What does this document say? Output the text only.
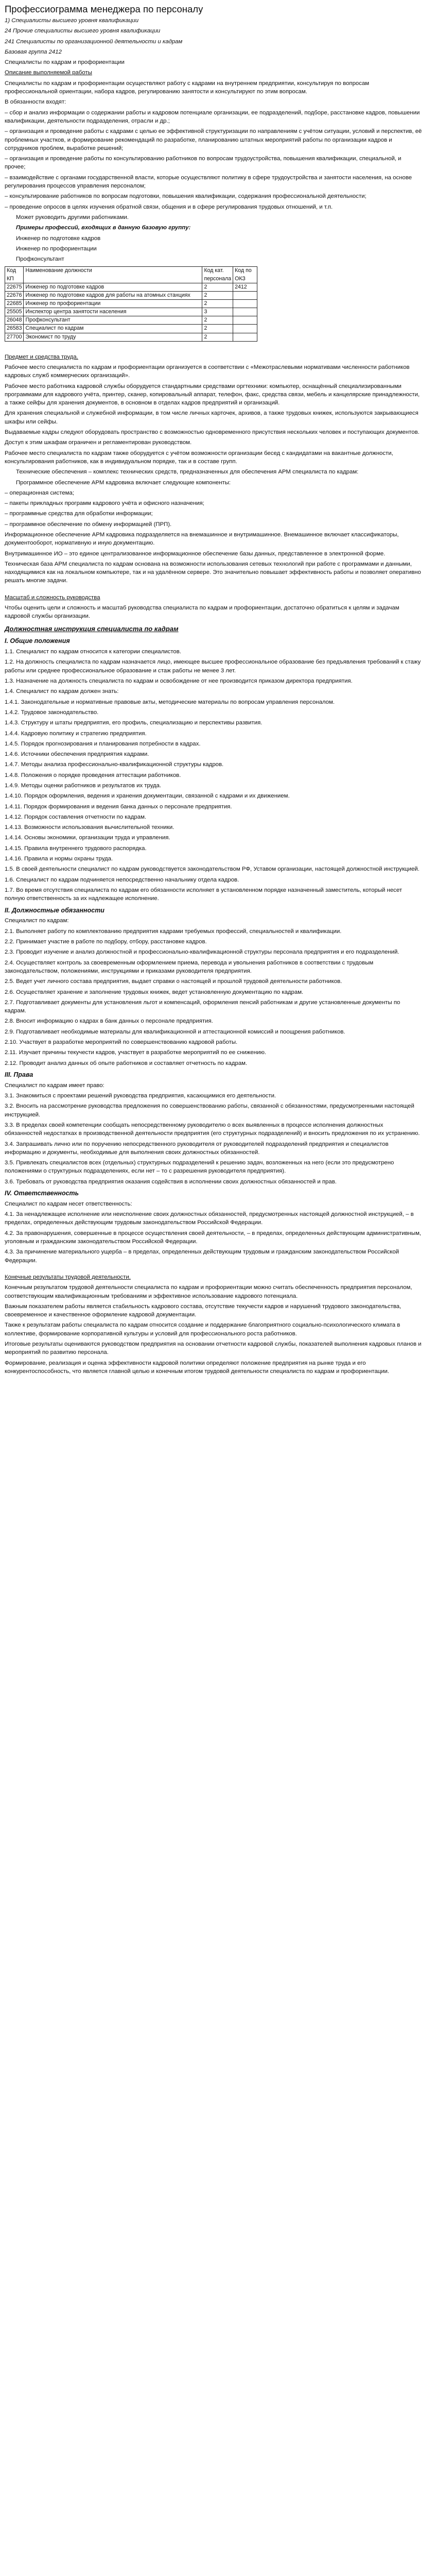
Профессиограмма менеджера по персоналу

1) Специалисты высшего уровня квалификации

24 Прочие специалисты высшего уровня квалификации

241 Специалисты по организационной деятельности и кадрам

Базовая группа 2412

Специалисты по кадрам и профориентации

Описание выполняемой работы

Специалисты по кадрам и профориентации осуществляют работу с кадрами на внутреннем предприятии, консультируя по вопросам профессиональной ориентации, набора кадров, регулированию занятости и консультируют по этим вопросам.

В обязанности входят:

– сбор и анализ информации о содержании работы и кадровом потенциале организации, ее подразделений, подборе, расстановке кадров, повышении квалификации, деятельности подразделения, отрасли и др.;

– организация и проведение работы с кадрами с целью ее эффективной структуризации по направлениям с учётом ситуации, условий и перспектив, её проблемных участков, и формирование рекомендаций по разработке, планированию штатных мероприятий работы по организации кадров и сотрудников проблем, выработке решений;

– организация и проведение работы по консультированию работников по вопросам трудоустройства, повышения квалификации, специальной, и прочее;

– взаимодействие с органами государственной власти, которые осуществляют политику в сфере трудоустройства и занятости населения, на основе регулирования процессов управления персоналом;

– консультирование работников по вопросам подготовки, повышения квалификации, содержания профессиональной деятельности;

– проведение опросов в целях изучения обратной связи, общения и в сфере регулирования трудовых отношений, и т.п.

Может руководить другими работниками.

Примеры профессий, входящих в данную базовую группу:

Инженер по подготовке кадров

Инженер по профориентации

Профконсультант

Код КП	Наименование должности	Код кат. персонала	Код по ОКЗ
22675	Инженер по подготовке кадров	2	2412
22676	Инженер по подготовке кадров для работы на атомных станциях	2	
22685	Инженер по профориентации	2	
25505	Инспектор центра занятости населения	3	
26048	Профконсультант	2	
26583	Специалист по кадрам	2	
27700	Экономист по труду	2	

Предмет и средства труда.

Рабочее место специалиста по кадрам и профориентации организуется в соответствии с «Межотраслевыми нормативами численности работников кадровых служб коммерческих организаций».

Рабочее место работника кадровой службы оборудуется стандартными средствами оргтехники: компьютер, оснащённый специализированными программами для кадрового учёта, принтер, сканер, копировальный аппарат, телефон, факс, средства связи, мебель и канцелярские принадлежности, а также сейфы для хранения документов, в основном в отделах кадров предприятий и организаций.

Для хранения специальной и служебной информации, в том числе личных карточек, архивов, а также трудовых книжек, используются закрывающиеся шкафы или сейфы.

Выдаваемые кадры следуют оборудовать пространство с возможностью одновременного присутствия нескольких человек и поступающих документов.

Доступ к этим шкафам ограничен и регламентирован руководством.

Рабочее место специалиста по кадрам также оборудуется с учётом возможности организации бесед с кандидатами на вакантные должности, консультирования работников, как в индивидуальном порядке, так и в составе групп.

Технические обеспечения – комплекс технических средств, предназначенных для обеспечения АРМ специалиста по кадрам:

Программное обеспечение АРМ кадровика включает следующие компоненты:

– операционная система;

– пакеты прикладных программ кадрового учёта и офисного назначения;

– программные средства для обработки информации;

– программное обеспечение по обмену информацией (ПРП).

Информационное обеспечение АРМ кадровика подразделяется на внемашинное и внутримашинное. Внемашинное включает классификаторы, документооборот, нормативную и иную документацию.

Внутримашинное ИО – это единое централизованное информационное обеспечение базы данных, представленное в электронной форме.

Техническая база АРМ специалиста по кадрам основана на возможности использования сетевых технологий при работе с программами и данными, находящимися как на локальном компьютере, так и на удалённом сервере. Это значительно повышает эффективность работы и позволяет оперативно решать многие задачи.

Масштаб и сложность руководства

Чтобы оценить цели и сложность и масштаб руководства специалиста по кадрам и профориентации, достаточно обратиться к целям и задачам кадровой службы организации.

Должностная инструкция специалиста по кадрам

I. Общие положения

1.1. Специалист по кадрам относится к категории специалистов.

1.2. На должность специалиста по кадрам назначается лицо, имеющее высшее профессиональное образование без предъявления требований к стажу работы или среднее профессиональное образование и стаж работы не менее 3 лет.

1.3. Назначение на должность специалиста по кадрам и освобождение от нее производится приказом директора предприятия.

1.4. Специалист по кадрам должен знать:

1.4.1. Законодательные и нормативные правовые акты, методические материалы по вопросам управления персоналом.

1.4.2. Трудовое законодательство.

1.4.3. Структуру и штаты предприятия, его профиль, специализацию и перспективы развития.

1.4.4. Кадровую политику и стратегию предприятия.

1.4.5. Порядок прогнозирования и планирования потребности в кадрах.

1.4.6. Источники обеспечения предприятия кадрами.

1.4.7. Методы анализа профессионально-квалификационной структуры кадров.

1.4.8. Положения о порядке проведения аттестации работников.

1.4.9. Методы оценки работников и результатов их труда.

1.4.10. Порядок оформления, ведения и хранения документации, связанной с кадрами и их движением.

1.4.11. Порядок формирования и ведения банка данных о персонале предприятия.

1.4.12. Порядок составления отчетности по кадрам.

1.4.13. Возможности использования вычислительной техники.

1.4.14. Основы экономики, организации труда и управления.

1.4.15. Правила внутреннего трудового распорядка.

1.4.16. Правила и нормы охраны труда.

1.5. В своей деятельности специалист по кадрам руководствуется законодательством РФ, Уставом организации, настоящей должностной инструкцией.

1.6. Специалист по кадрам подчиняется непосредственно начальнику отдела кадров.

1.7. Во время отсутствия специалиста по кадрам его обязанности исполняет в установленном порядке назначенный заместитель, который несет полную ответственность за их надлежащее исполнение.

II. Должностные обязанности

Специалист по кадрам:

2.1. Выполняет работу по комплектованию предприятия кадрами требуемых профессий, специальностей и квалификации.

2.2. Принимает участие в работе по подбору, отбору, расстановке кадров.

2.3. Проводит изучение и анализ должностной и профессионально-квалификационной структуры персонала предприятия и его подразделений.

2.4. Осуществляет контроль за своевременным оформлением приема, перевода и увольнения работников в соответствии с трудовым законодательством, положениями, инструкциями и приказами руководителя предприятия.

2.5. Ведет учет личного состава предприятия, выдает справки о настоящей и прошлой трудовой деятельности работников.

2.6. Осуществляет хранение и заполнение трудовых книжек, ведет установленную документацию по кадрам.

2.7. Подготавливает документы для установления льгот и компенсаций, оформления пенсий работникам и другие установленные документы по кадрам.

2.8. Вносит информацию о кадрах в банк данных о персонале предприятия.

2.9. Подготавливает необходимые материалы для квалификационной и аттестационной комиссий и поощрения работников.

2.10. Участвует в разработке мероприятий по совершенствованию кадровой работы.

2.11. Изучает причины текучести кадров, участвует в разработке мероприятий по ее снижению.

2.12. Проводит анализ данных об опыте работников и составляет отчетность по кадрам.

III. Права

Специалист по кадрам имеет право:

3.1. Знакомиться с проектами решений руководства предприятия, касающимися его деятельности.

3.2. Вносить на рассмотрение руководства предложения по совершенствованию работы, связанной с обязанностями, предусмотренными настоящей инструкцией.

3.3. В пределах своей компетенции сообщать непосредственному руководителю о всех выявленных в процессе исполнения должностных обязанностей недостатках в производственной деятельности предприятия (его структурных подразделений) и вносить предложения по их устранению.

3.4. Запрашивать лично или по поручению непосредственного руководителя от руководителей подразделений предприятия и специалистов информацию и документы, необходимые для выполнения своих должностных обязанностей.

3.5. Привлекать специалистов всех (отдельных) структурных подразделений к решению задач, возложенных на него (если это предусмотрено положениями о структурных подразделениях, если нет – то с разрешения руководителя предприятия).

3.6. Требовать от руководства предприятия оказания содействия в исполнении своих должностных обязанностей и прав.

IV. Ответственность

Специалист по кадрам несет ответственность:

4.1. За ненадлежащее исполнение или неисполнение своих должностных обязанностей, предусмотренных настоящей должностной инструкцией, – в пределах, определенных действующим трудовым законодательством Российской Федерации.

4.2. За правонарушения, совершенные в процессе осуществления своей деятельности, – в пределах, определенных действующим административным, уголовным и гражданским законодательством Российской Федерации.

4.3. За причинение материального ущерба – в пределах, определенных действующим трудовым и гражданским законодательством Российской Федерации.

Конечные результаты трудовой деятельности.

Конечным результатом трудовой деятельности специалиста по кадрам и профориентации можно считать обеспеченность предприятия персоналом, соответствующим квалификационным требованиям и эффективное использование кадрового потенциала.

Важным показателем работы является стабильность кадрового состава, отсутствие текучести кадров и нарушений трудового законодательства, своевременное и качественное оформление кадровой документации.

Также к результатам работы специалиста по кадрам относится создание и поддержание благоприятного социально-психологического климата в коллективе, формирование корпоративной культуры и условий для профессионального роста работников.

Итоговые результаты оцениваются руководством предприятия на основании отчетности кадровой службы, показателей выполнения кадровых планов и мероприятий по развитию персонала.

Формирование, реализация и оценка эффективности кадровой политики определяют положение предприятия на рынке труда и его конкурентоспособность, что является главной целью и конечным итогом трудовой деятельности специалиста по кадрам и профориентации.
